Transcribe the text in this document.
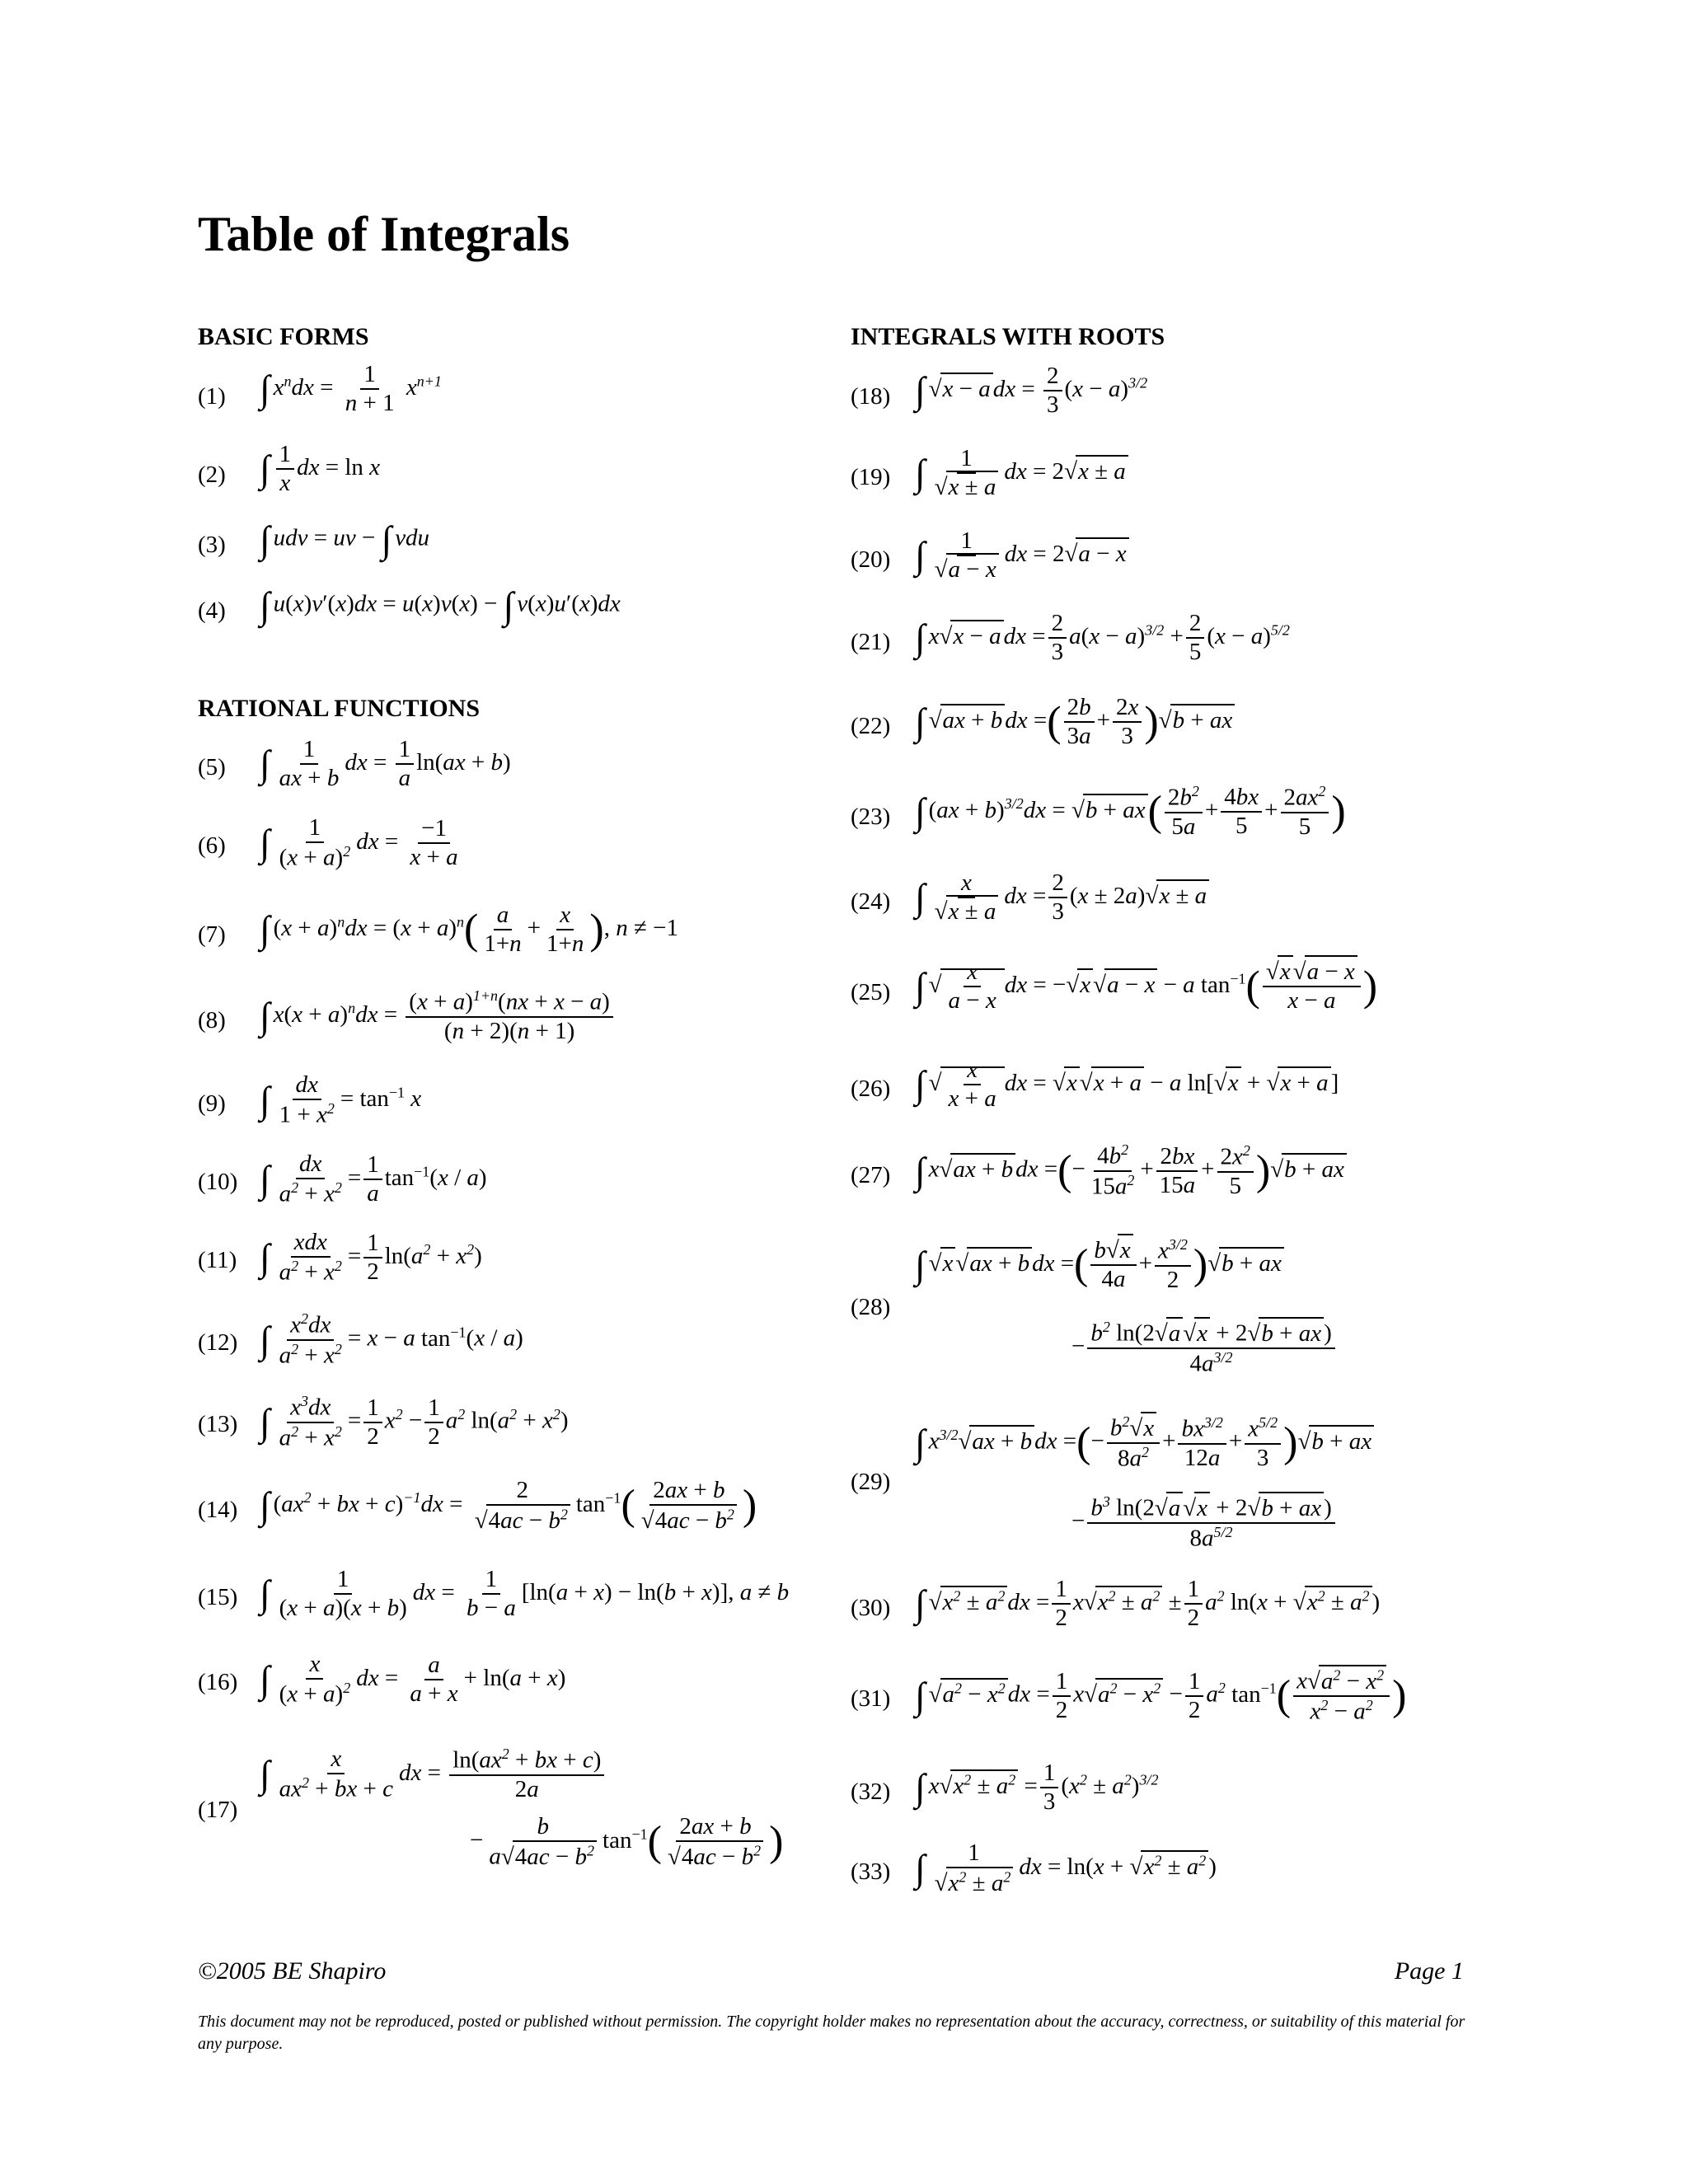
Table of Integrals
BASIC FORMS
RATIONAL FUNCTIONS
INTEGRALS WITH ROOTS
(1)
(2)
(3)
(4)
(5)
(6)
(7)
(8)
(9)
(10)
(11)
(12)
(13)
(14)
(15)
(16)
(17)
(18)
(19)
(20)
(21)
(22)
(23)
(24)
(25)
(26)
(27)
(28)
(29)
(30)
(31)
(32)
(33)
∫ $x^ndx = \frac{1}{n + 1} x^{n+1}$
∫ $\frac{1}{x}$ dx = ln x
∫ udv = uv − ∫ vdu
∫ u(x)v′(x)dx = u(x)v(x) − ∫ v(x)u′(x)dx
∫ $\frac{1}{ax + b}$ dx = $\frac{1}{a} \ln(ax + b)$
∫ $\frac{1}{(x + a)^2}$ dx = $\frac{-1}{x + a}$
∫ $(x + a)^ndx = (x + a)^n( \frac{a}{1+n} + \frac{x}{1+n}$ ), n ≠ −1
∫ $x(x + a)^ndx = \frac{(x + a)^{1+n}(nx + x - a)}{(n + 2)(n + 1)}$
∫ $\frac{dx}{1 + x^2} = \tan^{-1} x$
∫ $\frac{dx}{a^2 + x^2} = \frac{1}{a} \tan^{-1}(x / a)$
∫ xdx
$a^2 + x^2 = \frac{1}{2} \ln(a^2 + x^2)$
∫ $\frac{x^2dx}{a^2 + x^2} = x - a$ $\tan^{-1}(x / a)$
∫ $\frac{x^3dx}{a^2 + x^2} = \frac{1}{2} x^2 - \frac{1}{2} a^2$ $\ln(a^2 + x^2)$
∫ ($ax^2$ + bx + $c)^{-1}dx = \frac{2}{√4ac - b^2} \tan^{-1}( \frac{2ax + b}{√4ac - b^2}$ )
∫ $\frac{1}{(x + a)(x + b)}$ dx = $\frac{1}{b - a} [\ln(a + x) - \ln(b + x)]$, a ≠ b
∫ $\frac{x}{(x + a)^2}$ dx = $\frac{a}{a + x} + \ln(a + x)$
∫ $\frac{x}{ax^2 + bx + c}$ dx = $\frac{\ln(ax^2 + bx + c)}{2a}$
− $\frac{b}{a√4ac - b^2} \tan^{-1}( \frac{2ax + b}{√4ac - b^2}$ )
∫ √x − a dx = $\frac{2}{3} (x - a)^{3/2}$
∫ $\frac{1}{√x \pm a}$ dx = 2√x ± a
∫ $\frac{1}{√a - x}$ dx = 2√a − x
∫ x√x − a dx = $\frac{2}{3} a(x - a)^{3/2} + \frac{2}{5} (x - a)^{5/2}$
∫ √ax + b dx =( $\frac{2b}{3a} + \frac{2x}{3} )√b$ + ax
∫ $(ax + b)^{3/2}dx = √b + ax( \frac{2b^2}{5a} + \frac{4bx}{5} + \frac{2ax^2}{5}$ )
∫ $\frac{x}{√x \pm a}$ dx = $\frac{2}{3} (x \pm 2a)√x \pm a$
∫ √ $\frac{x}{a - x}$ dx = −√x √a − x − a $\tan^{-1}( \frac{√x √a - x}{x - a}$ )
∫ √ $\frac{x}{x + a}$ dx = √x √x + a − a ln[√x + √x + a ]
∫ x√ax + b dx =(− $\frac{4b^2}{15a^2} + \frac{2bx}{15a} + \frac{2x^2}{5} )√b$ + ax
∫ √x √ax + b dx =( $\frac{b√x}{4a} + \frac{x^{3/2}}{2} )√b$ + ax
− $\frac{b^2 \ln(2√a √x + 2√b + ax )}{4a^{3/2}}$
∫ $x^{3/2}√ax + b$ dx =(− $\frac{b^2√x}{8a^2} + \frac{bx^{3/2}}{12a} + \frac{x^{5/2}}{3} )√b$ + ax
− $\frac{b^3 \ln(2√a √x + 2√b + ax )}{8a^{5/2}}$
∫ $√x^2 \pm a^2$ dx = $\frac{1}{2} x√x^2 \pm a^2 \pm \frac{1}{2} a^2$ $\ln(x + √x^2 \pm a^2$ )
∫ $√a^2 - x^2$ dx = $\frac{1}{2} x√a^2 - x^2 - \frac{1}{2} a^2$ $\tan^{-1}( \frac{x√a^2 - x^2}{x^2 - a^2}$ )
∫ $x√x^2 \pm a^2 = \frac{1}{3} (x^2 \pm a^2)^{3/2}$
∫ $\frac{1}{√x^2 \pm a^2}$ dx = $\ln(x + √x^2 \pm a^2$ )
©2005 BE Shapiro	Page 1
This document may not be reproduced, posted or published without permission. The copyright holder makes no representation about the accuracy, correctness, or suitability of this material for any purpose.
